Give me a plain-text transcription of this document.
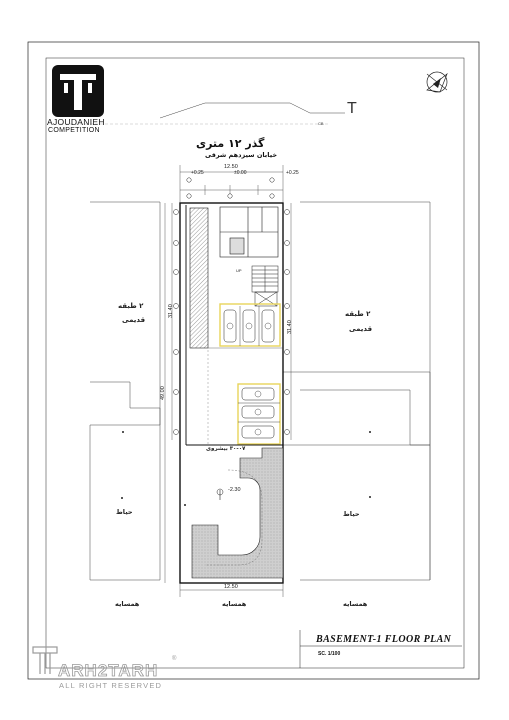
AJOUDANIEH
COMPETITION
گذر ۱۲ متری
خیابان سیزدهم شرقی
T
CB
+0.25	±0.00	+0.25
12.50
12.50
31.40
49.00
31.40
UP
۳۰-۰۷ بیشروی
-2.30
۲ طبقه
قدیمی
۲ طبقه
قدیمی
حیاط	حیاط
همسایه	همسایه	همسایه
BASEMENT-1 FLOOR PLAN
SC. 1/100
ARH2TARH
®
ALL RIGHT RESERVED
